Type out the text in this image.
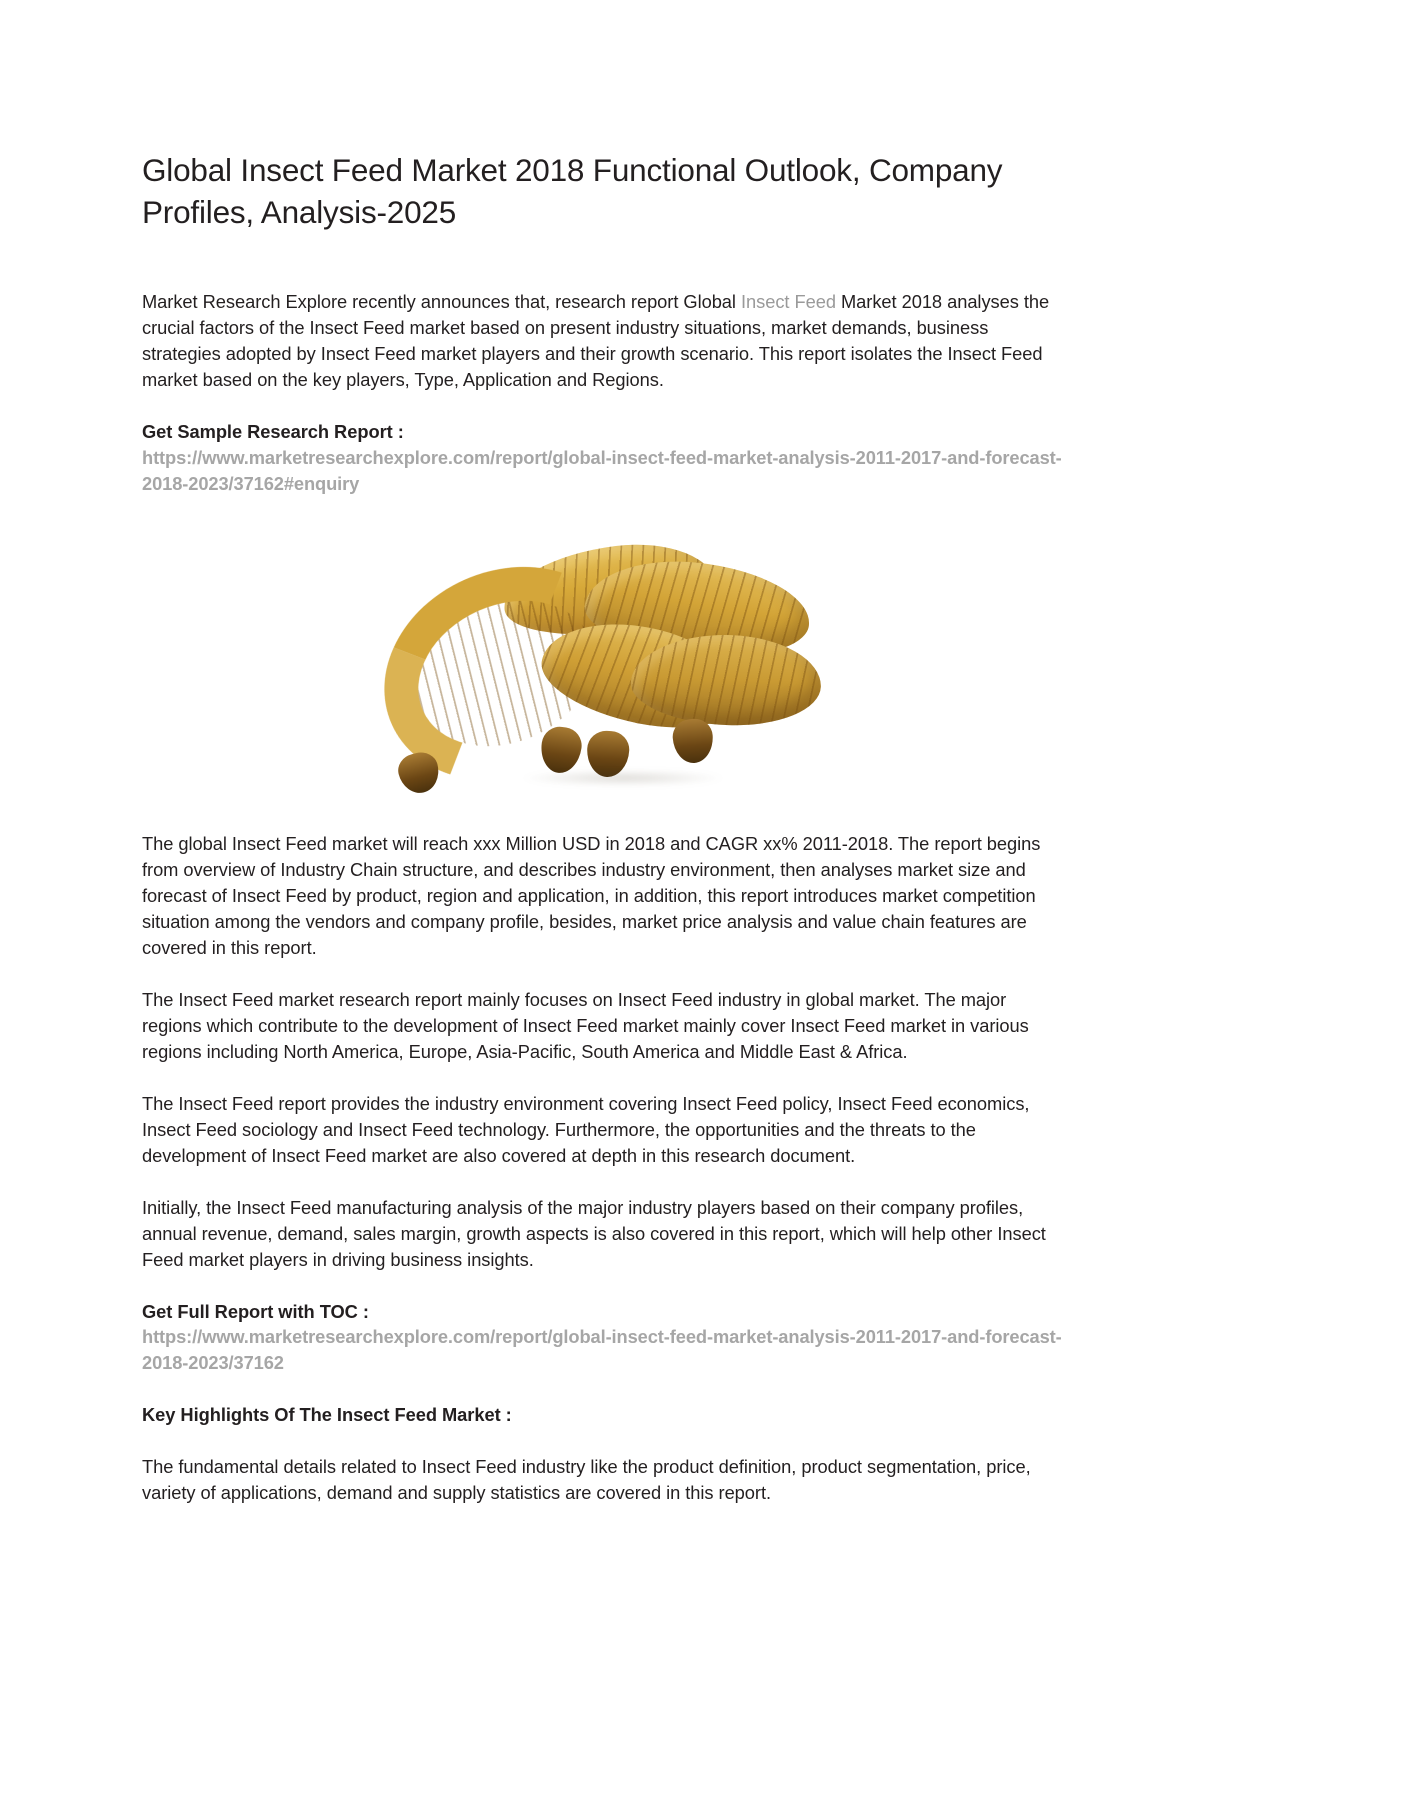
Global Insect Feed Market 2018 Functional Outlook, Company Profiles, Analysis-2025

Market Research Explore recently announces that, research report Global Insect Feed Market 2018 analyses the crucial factors of the Insect Feed market based on present industry situations, market demands, business strategies adopted by Insect Feed market players and their growth scenario. This report isolates the Insect Feed market based on the key players, Type, Application and Regions.

Get Sample Research Report :

https://www.marketresearchexplore.com/report/global-insect-feed-market-analysis-2011-2017-and-forecast-2018-2023/37162#enquiry

The global Insect Feed market will reach xxx Million USD in 2018 and CAGR xx% 2011-2018. The report begins from overview of Industry Chain structure, and describes industry environment, then analyses market size and forecast of Insect Feed by product, region and application, in addition, this report introduces market competition situation among the vendors and company profile, besides, market price analysis and value chain features are covered in this report.

The Insect Feed market research report mainly focuses on Insect Feed industry in global market. The major regions which contribute to the development of Insect Feed market mainly cover Insect Feed market in various regions including North America, Europe, Asia-Pacific, South America and Middle East & Africa.

The Insect Feed report provides the industry environment covering Insect Feed policy, Insect Feed economics, Insect Feed sociology and Insect Feed technology. Furthermore, the opportunities and the threats to the development of Insect Feed market are also covered at depth in this research document.

Initially, the Insect Feed manufacturing analysis of the major industry players based on their company profiles, annual revenue, demand, sales margin, growth aspects is also covered in this report, which will help other Insect Feed market players in driving business insights.

Get Full Report with TOC :

https://www.marketresearchexplore.com/report/global-insect-feed-market-analysis-2011-2017-and-forecast-2018-2023/37162

Key Highlights Of The Insect Feed Market :

The fundamental details related to Insect Feed industry like the product definition, product segmentation, price, variety of applications, demand and supply statistics are covered in this report.
